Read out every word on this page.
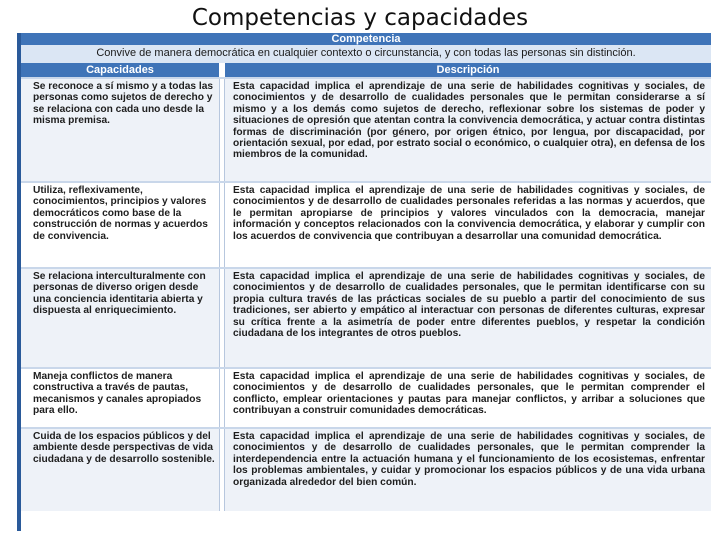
Competencias y capacidades
Competencia
Convive de manera democrática en cualquier contexto o circunstancia, y con todas las personas sin distinción.
Capacidades	Descripción
Se reconoce a sí mismo y a todas las personas como sujetos de derecho y se relaciona con cada uno desde la misma premisa.
Esta capacidad implica el aprendizaje de una serie de habilidades cognitivas y sociales, de conocimientos y de desarrollo de cualidades personales que le permitan considerarse a sí mismo y a los demás como sujetos de derecho, reflexionar sobre los sistemas de poder y situaciones de opresión que atentan contra la convivencia democrática, y actuar contra distintas formas de discriminación (por género, por origen étnico, por lengua, por discapacidad, por orientación sexual, por edad, por estrato social o económico, o cualquier otra), en defensa de los miembros de la comunidad.
Utiliza, reflexivamente, conocimientos, principios y valores democráticos como base de la construcción de normas y acuerdos de convivencia.
Esta capacidad implica el aprendizaje de una serie de habilidades cognitivas y sociales, de conocimientos y de desarrollo de cualidades personales referidas a las normas y acuerdos, que le permitan apropiarse de principios y valores vinculados con la democracia, manejar información y conceptos relacionados con la convivencia democrática, y elaborar y cumplir con los acuerdos de convivencia que contribuyan a desarrollar una comunidad democrática.
Se relaciona interculturalmente con personas de diverso origen desde una conciencia identitaria abierta y dispuesta al enriquecimiento.
Esta capacidad implica el aprendizaje de una serie de habilidades cognitivas y sociales, de conocimientos y de desarrollo de cualidades personales, que le permitan identificarse con su propia cultura través de las prácticas sociales de su pueblo a partir del conocimiento de sus tradiciones, ser abierto y empático al interactuar con personas de diferentes culturas, expresar su crítica frente a la asimetría de poder entre diferentes pueblos, y respetar la condición ciudadana de los integrantes de otros pueblos.
Maneja conflictos de manera constructiva a través de pautas, mecanismos y canales apropiados para ello.
Esta capacidad implica el aprendizaje de una serie de habilidades cognitivas y sociales, de conocimientos y de desarrollo de cualidades personales, que le permitan comprender el conflicto, emplear orientaciones y pautas para manejar conflictos, y arribar a soluciones que contribuyan a construir comunidades democráticas.
Cuida de los espacios públicos y del ambiente desde perspectivas de vida ciudadana y de desarrollo sostenible.
Esta capacidad implica el aprendizaje de una serie de habilidades cognitivas y sociales, de conocimientos y de desarrollo de cualidades personales, que le permitan comprender la interdependencia entre la actuación humana y el funcionamiento de los ecosistemas, enfrentar los problemas ambientales, y cuidar y promocionar los espacios públicos y de una vida urbana organizada alrededor del bien común.
